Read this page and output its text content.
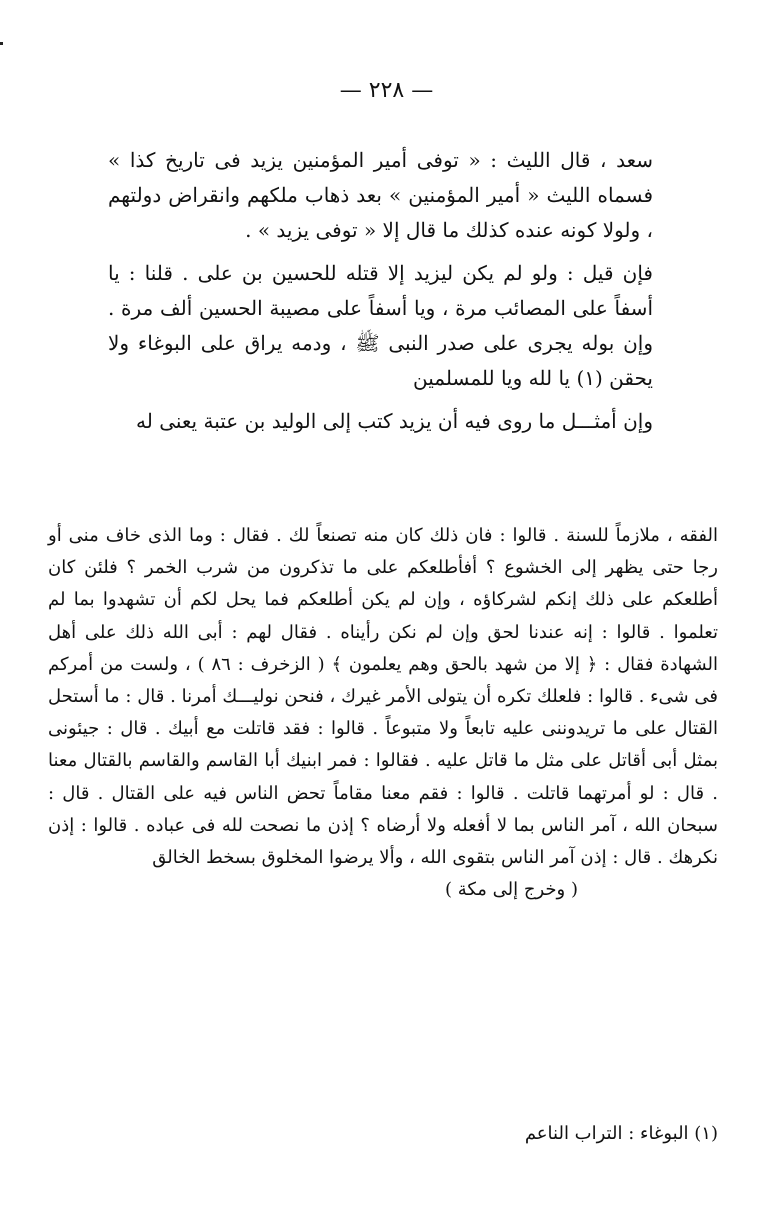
— ٢٢٨ —

سعد ، قال الليث : « توفى أمير المؤمنين يزيد فى تاريخ كذا » فسماه الليث « أمير المؤمنين » بعد ذهاب ملكهم وانقراض دولتهم ، ولولا كونه عنده كذلك ما قال إلا « توفى يزيد » .

فإن قيل : ولو لم يكن ليزيد إلا قتله للحسين بن على . قلنا : يا أسفاً على المصائب مرة ، ويا أسفاً على مصيبة الحسين ألف مرة . وإن بوله يجرى على صدر النبى ﷺ ، ودمه يراق على البوغاء ولا يحقن (١) يا لله ويا للمسلمين

وإن أمثـــل ما روى فيه أن يزيد كتب إلى الوليد بن عتبة يعنى له

الفقه ، ملازماً للسنة . قالوا : فان ذلك كان منه تصنعاً لك . فقال : وما الذى خاف منى أو رجا حتى يظهر إلى الخشوع ؟ أفأطلعكم على ما تذكرون من شرب الخمر ؟ فلئن كان أطلعكم على ذلك إنكم لشركاؤه ، وإن لم يكن أطلعكم فما يحل لكم أن تشهدوا بما لم تعلموا . قالوا : إنه عندنا لحق وإن لم نكن رأيناه . فقال لهم : أبى الله ذلك على أهل الشهادة فقال : ﴿ إلا من شهد بالحق وهم يعلمون ﴾ ( الزخرف : ٨٦ ) ، ولست من أمركم فى شىء . قالوا : فلعلك تكره أن يتولى الأمر غيرك ، فنحن نوليـــك أمرنا . قال : ما أستحل القتال على ما تريدوننى عليه تابعاً ولا متبوعاً . قالوا : فقد قاتلت مع أبيك . قال : جيئونى بمثل أبى أقاتل على مثل ما قاتل عليه . فقالوا : فمر ابنيك أبا القاسم والقاسم بالقتال معنا . قال : لو أمرتهما قاتلت . قالوا : فقم معنا مقاماً تحض الناس فيه على القتال . قال : سبحان الله ، آمر الناس بما لا أفعله ولا أرضاه ؟ إذن ما نصحت لله فى عباده . قالوا : إذن نكرهك . قال : إذن آمر الناس بتقوى الله ، وألا يرضوا المخلوق بسخط الخالق

( وخرج إلى مكة )

(١) البوغاء : التراب الناعم
